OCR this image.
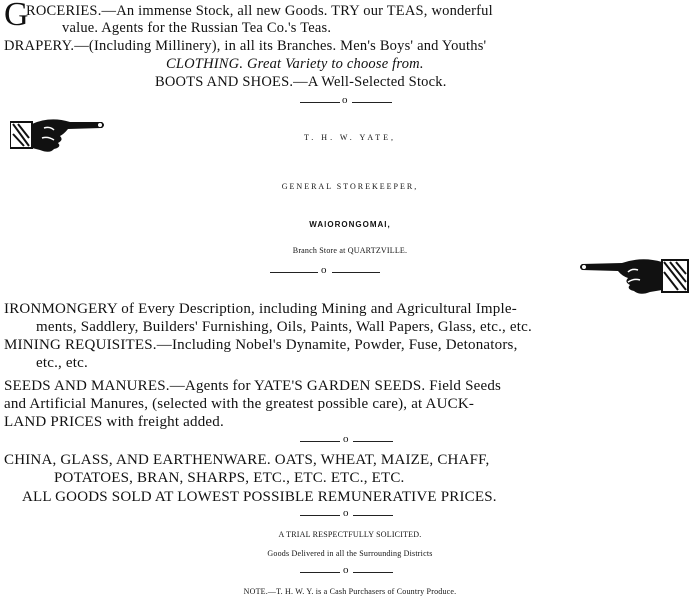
G
ROCERIES.—An immense Stock, all new Goods. TRY our TEAS, wonderful
value. Agents for the Russian Tea Co.'s Teas.
DRAPERY.—(Including Millinery), in all its Branches. Men's Boys' and Youths'
CLOTHING. Great Variety to choose from.
BOOTS AND SHOES.—A Well-Selected Stock.
o
T. H. W. YATE,
GENERAL STOREKEEPER,
WAIORONGOMAI,
Branch Store at QUARTZVILLE.
o
IRONMONGERY of Every Description, including Mining and Agricultural Imple-
ments, Saddlery, Builders' Furnishing, Oils, Paints, Wall Papers, Glass, etc., etc.
MINING REQUISITES.—Including Nobel's Dynamite, Powder, Fuse, Detonators,
etc., etc.
SEEDS AND MANURES.—Agents for YATE'S GARDEN SEEDS. Field Seeds
and Artificial Manures, (selected with the greatest possible care), at AUCK-
LAND PRICES with freight added.
o
CHINA, GLASS, AND EARTHENWARE. OATS, WHEAT, MAIZE, CHAFF,
POTATOES, BRAN, SHARPS, ETC., ETC. ETC., ETC.
ALL GOODS SOLD AT LOWEST POSSIBLE REMUNERATIVE PRICES.
o
A TRIAL RESPECTFULLY SOLICITED.
Goods Delivered in all the Surrounding Districts
o
NOTE.—T. H. W. Y. is a Cash Purchasers of Country Produce.
